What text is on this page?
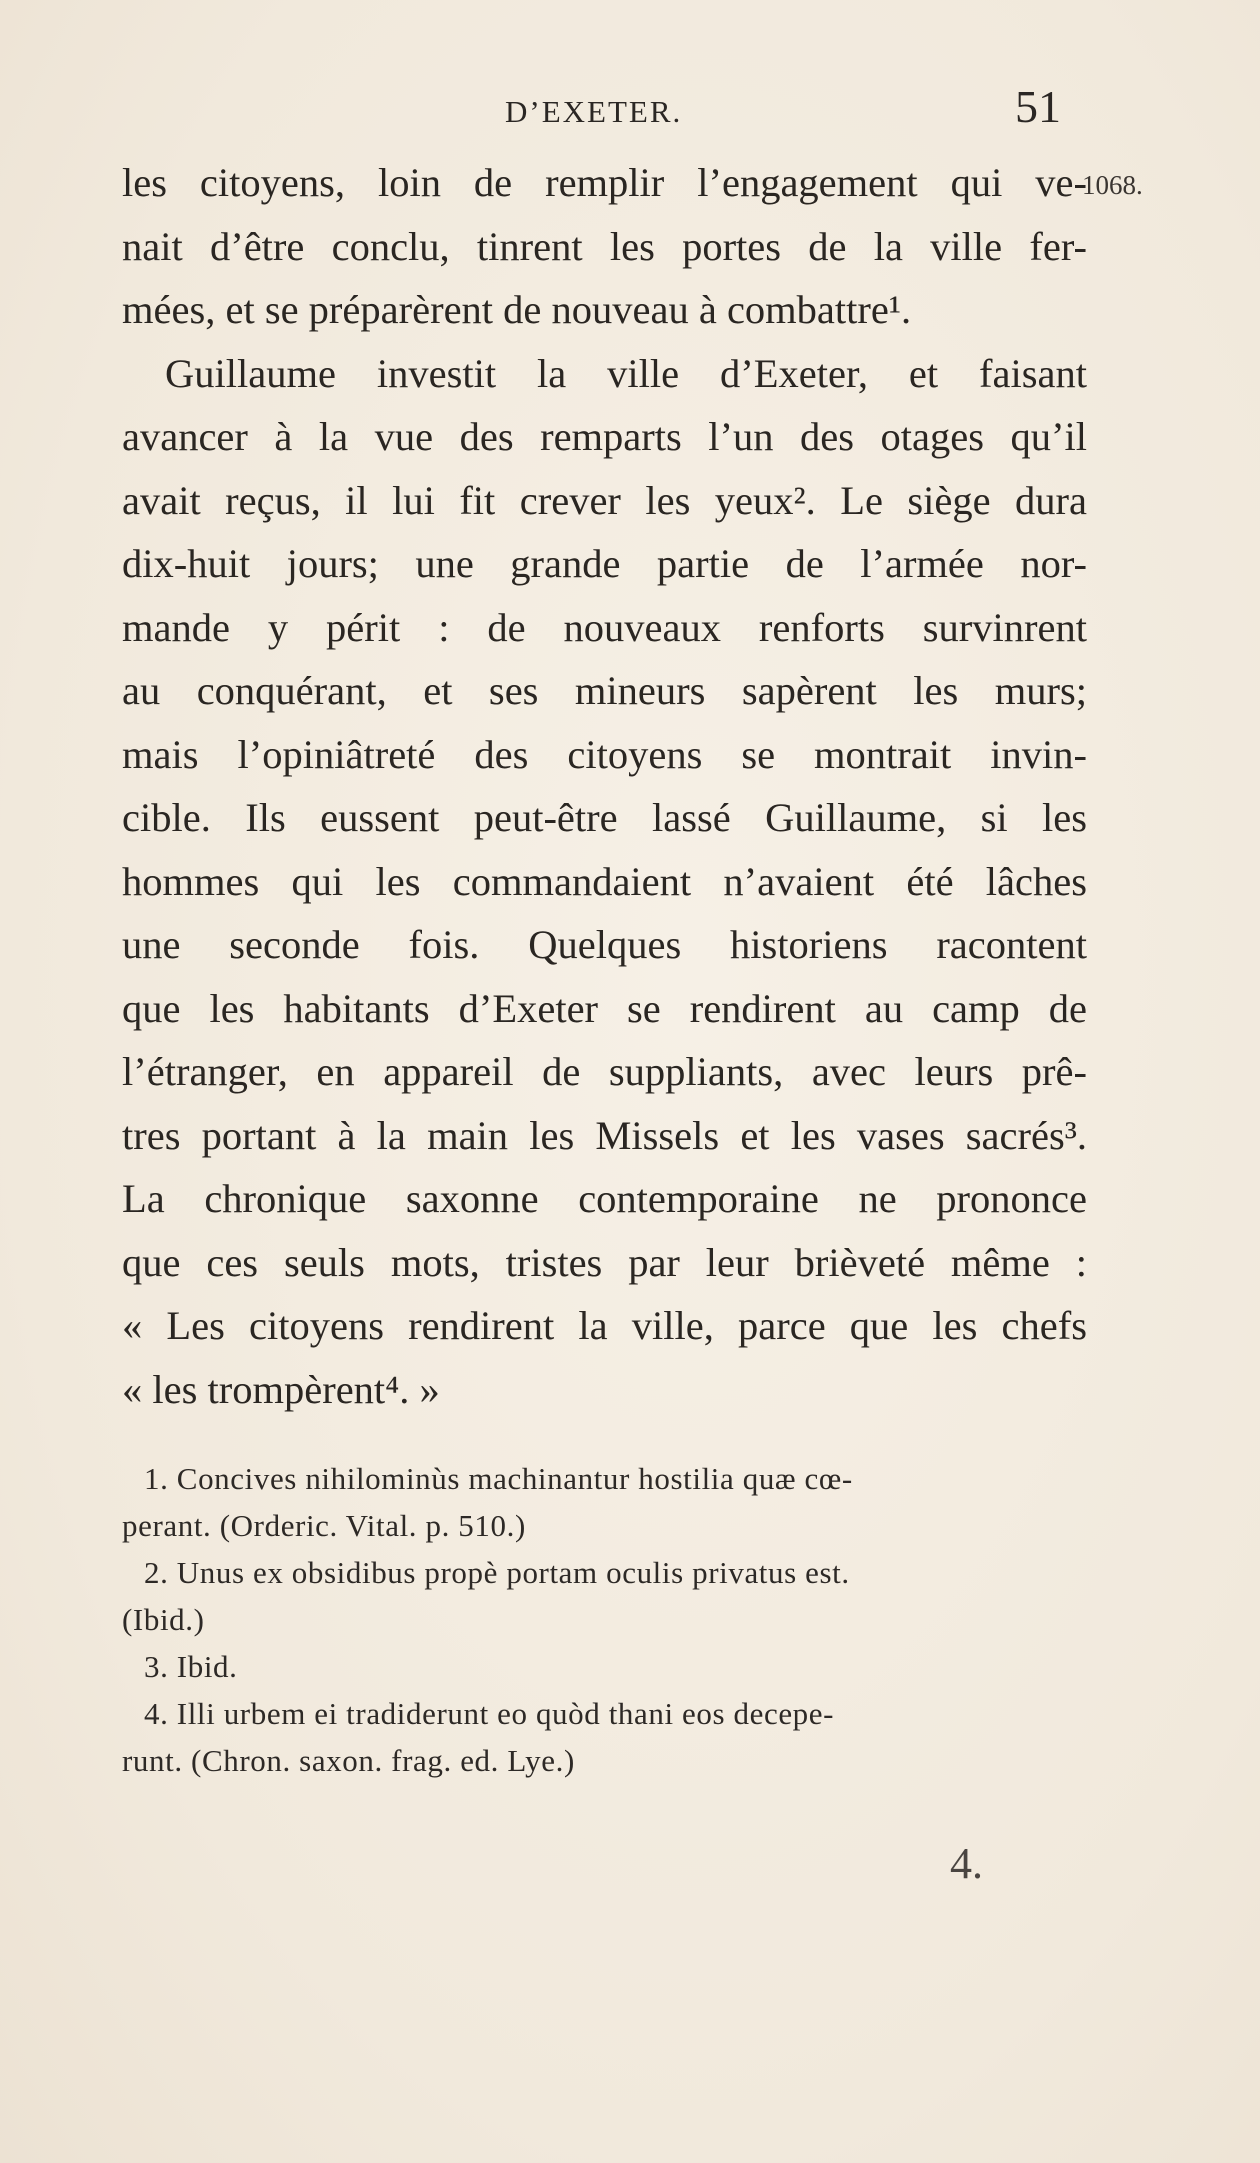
D’EXETER.	51
1068.

les citoyens, loin de remplir l’engagement qui ve-
nait d’être conclu, tinrent les portes de la ville fer-
mées, et se préparèrent de nouveau à combattre¹.

Guillaume investit la ville d’Exeter, et faisant
avancer à la vue des remparts l’un des otages qu’il
avait reçus, il lui fit crever les yeux². Le siège dura
dix-huit jours; une grande partie de l’armée nor-
mande y périt : de nouveaux renforts survinrent
au conquérant, et ses mineurs sapèrent les murs;
mais l’opiniâtreté des citoyens se montrait invin-
cible. Ils eussent peut-être lassé Guillaume, si les
hommes qui les commandaient n’avaient été lâches
une seconde fois. Quelques historiens racontent
que les habitants d’Exeter se rendirent au camp de
l’étranger, en appareil de suppliants, avec leurs prê-
tres portant à la main les Missels et les vases sacrés³.
La chronique saxonne contemporaine ne prononce
que ces seuls mots, tristes par leur brièveté même :
« Les citoyens rendirent la ville, parce que les chefs
« les trompèrent⁴. »

1. Concives nihilominùs machinantur hostilia quæ cœ-
perant. (Orderic. Vital. p. 510.)
2. Unus ex obsidibus propè portam oculis privatus est.
(Ibid.)
3. Ibid.
4. Illi urbem ei tradiderunt eo quòd thani eos decepe-
runt. (Chron. saxon. frag. ed. Lye.)
4.
